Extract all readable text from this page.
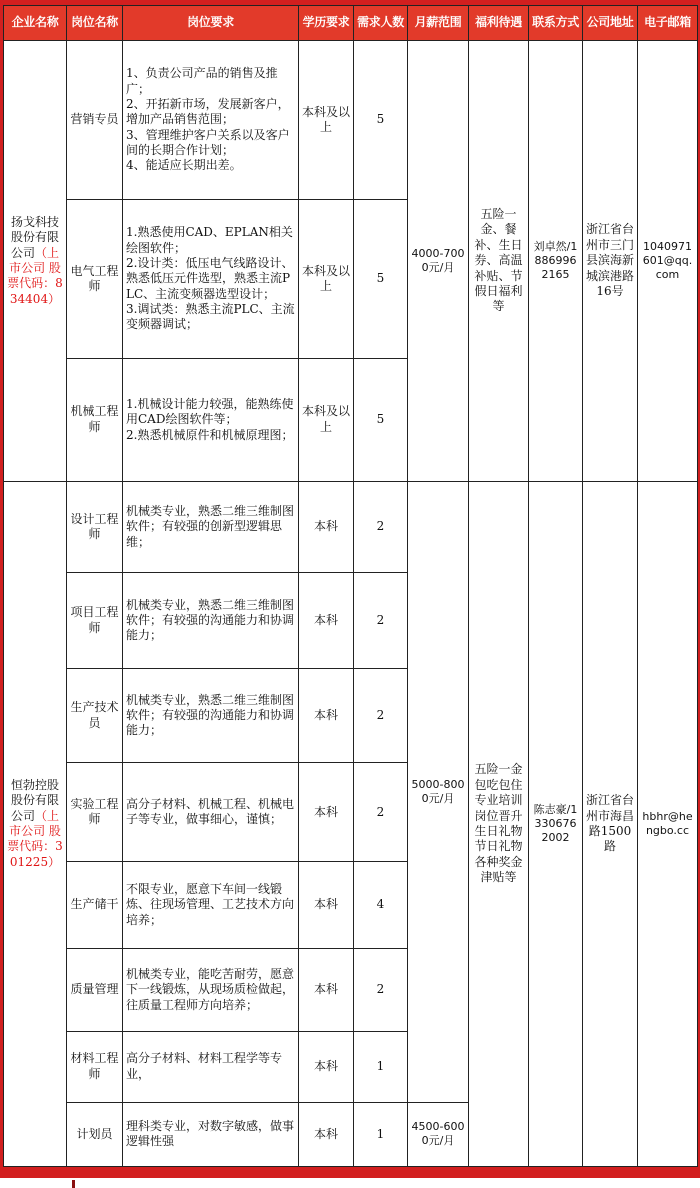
企业名称	岗位名称	岗位要求	学历要求	需求人数	月薪范围	福利待遇	联系方式	公司地址	电子邮箱
扬戈科技股份有限公司（上市公司 股票代码：834404）	营销专员	1、负责公司产品的销售及推广；
2、开拓新市场，发展新客户，增加产品销售范围；
3、管理维护客户关系以及客户间的长期合作计划；
4、能适应长期出差。	本科及以上	5	4000-7000元/月	五险一金、餐补、生日券、高温补贴、节假日福利等	刘卓然/18869962165	浙江省台州市三门县滨海新城滨港路16号	1040971601@qq.com
	电气工程师	1.熟悉使用CAD、EPLAN相关绘图软件；
2.设计类：低压电气线路设计、熟悉低压元件选型，熟悉主流PLC、主流变频器选型设计；
3.调试类：熟悉主流PLC、主流变频器调试；	本科及以上	5					
	机械工程师	1.机械设计能力较强，能熟练使用CAD绘图软件等；
2.熟悉机械原件和机械原理图；	本科及以上	5					
恒勃控股股份有限公司（上市公司 股票代码：301225）	设计工程师	机械类专业，熟悉二维三维制图软件；有较强的创新型逻辑思维；	本科	2	5000-8000元/月	五险一金包吃包住专业培训岗位晋升生日礼物节日礼物各种奖金津贴等	陈志豪/13306762002	浙江省台州市海昌路1500路	hbhr@hengbo.cc
	项目工程师	机械类专业，熟悉二维三维制图软件；有较强的沟通能力和协调能力；	本科	2					
	生产技术员	机械类专业，熟悉二维三维制图软件；有较强的沟通能力和协调能力；	本科	2					
	实验工程师	高分子材料、机械工程、机械电子等专业，做事细心，谨慎；	本科	2					
	生产储干	不限专业，愿意下车间一线锻炼、往现场管理、工艺技术方向培养；	本科	4					
	质量管理	机械类专业，能吃苦耐劳，愿意下一线锻炼，从现场质检做起，往质量工程师方向培养；	本科	2					
	材料工程师	高分子材料、材料工程学等专业，	本科	1					
	计划员	理科类专业，对数字敏感，做事逻辑性强	本科	1	4500-6000元/月				
